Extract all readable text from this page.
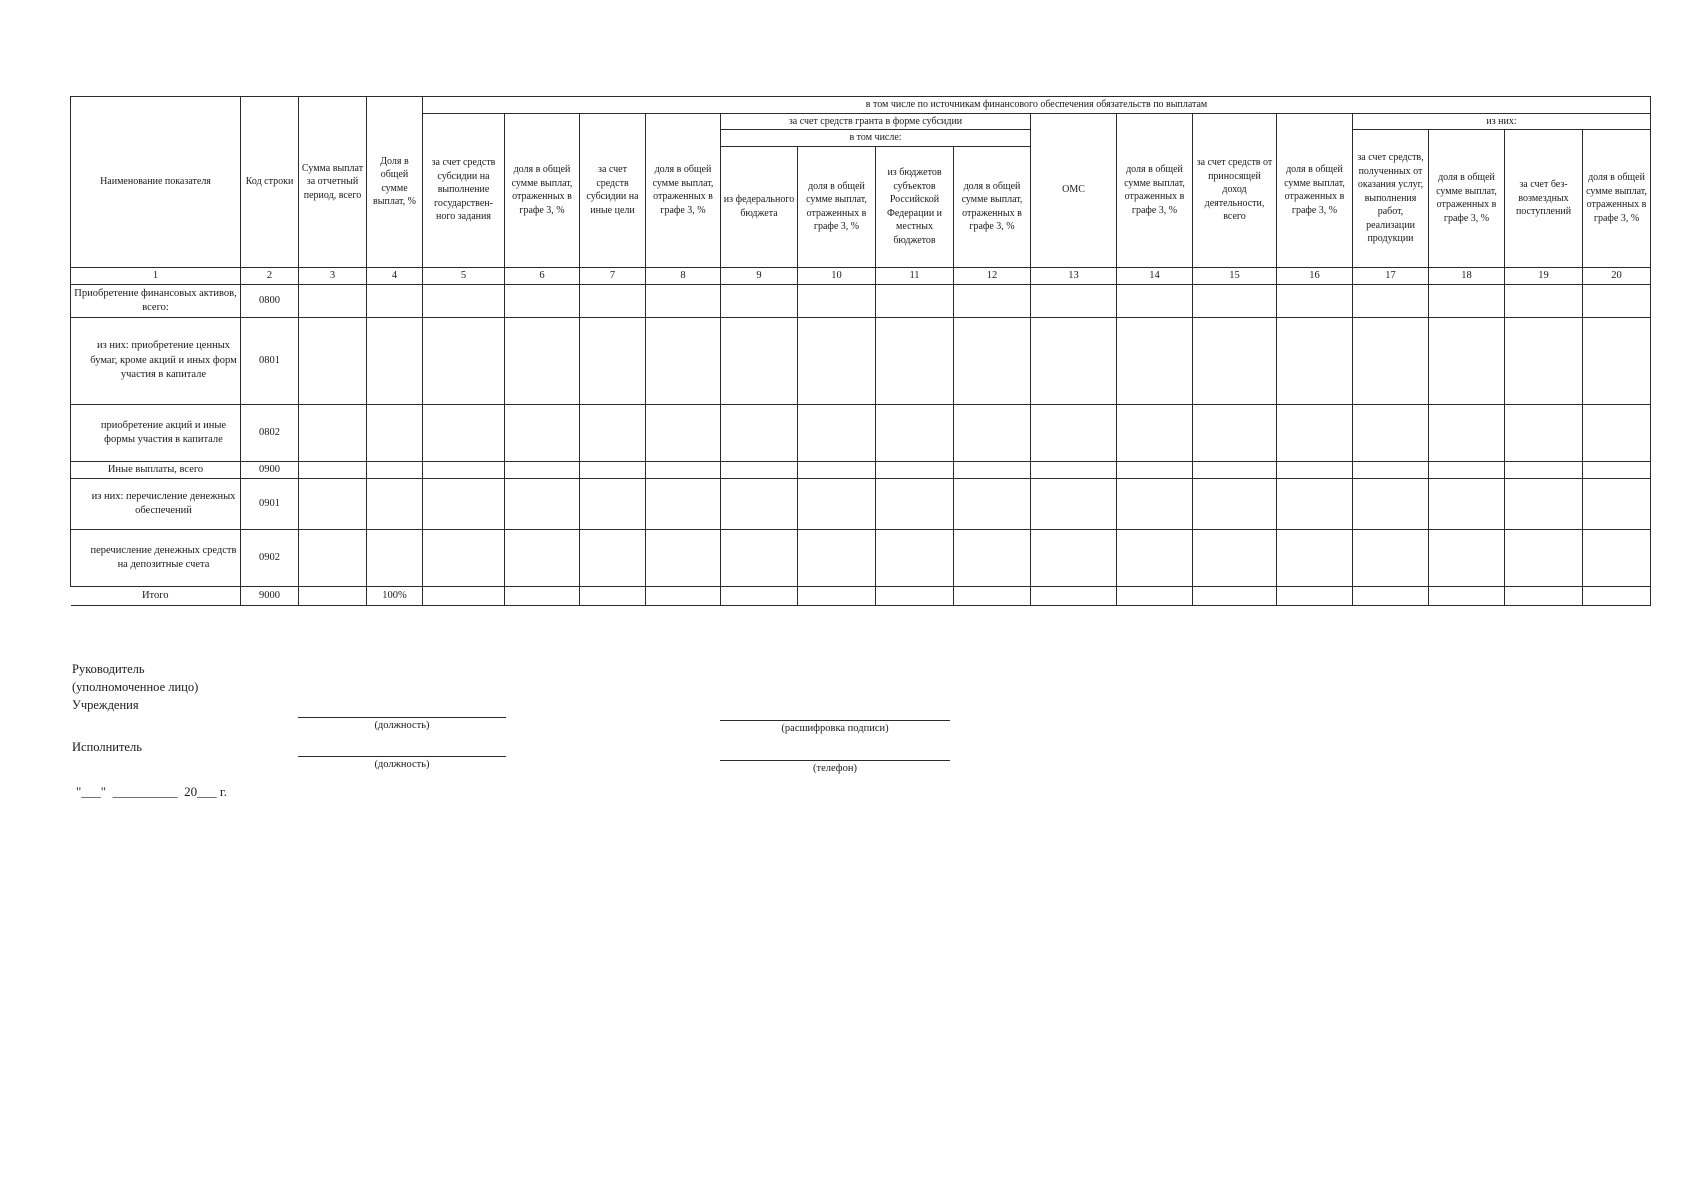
Наименование показателя	Код строки	Сумма выплат за отчетный период, всего	Доля в общей сумме выплат, %	в том числе по источникам финансового обеспечения обязательств по выплатам															
				за счет средств субсидии на выполнение государствен-ного задания	доля в общей сумме выплат, отраженных в графе 3, %	за счет средств субсидии на иные цели	доля в общей сумме выплат, отраженных в графе 3, %	за счет средств гранта в форме субсидии				ОМС	доля в общей сумме выплат, отраженных в графе 3, %	за счет средств от приносящей доход деятельности, всего	доля в общей сумме выплат, отраженных в графе 3, %	из них:			
								в том числе:								за счет средств, полученных от оказания услуг, выполнения работ, реализации продукции	доля в общей сумме выплат, отраженных в графе 3, %	за счет без-возмездных поступлений	доля в общей сумме выплат, отраженных в графе 3, %
								из федерального бюджета	доля в общей сумме выплат, отраженных в графе 3, %	из бюджетов субъектов Российской Федерации и местных бюджетов	доля в общей сумме выплат, отраженных в графе 3, %								
1	2	3	4	5	6	7	8	9	10	11	12	13	14	15	16	17	18	19	20
Приобретение финансовых активов, всего:	0800																		
из них: приобретение ценных бумаг, кроме акций и иных форм участия в капитале	0801																		
приобретение акций и иные формы участия в капитале	0802																		
Иные выплаты, всего	0900																		
из них: перечисление денежных обеспечений	0901																		
перечисление денежных средств на депозитные счета	0902																		
Итого	9000		100%																
Руководитель
(уполномоченное лицо)
Учреждения
(должность)	(расшифровка подписи)
Исполнитель
(должность)	(телефон)
"___"  __________  20___ г.
